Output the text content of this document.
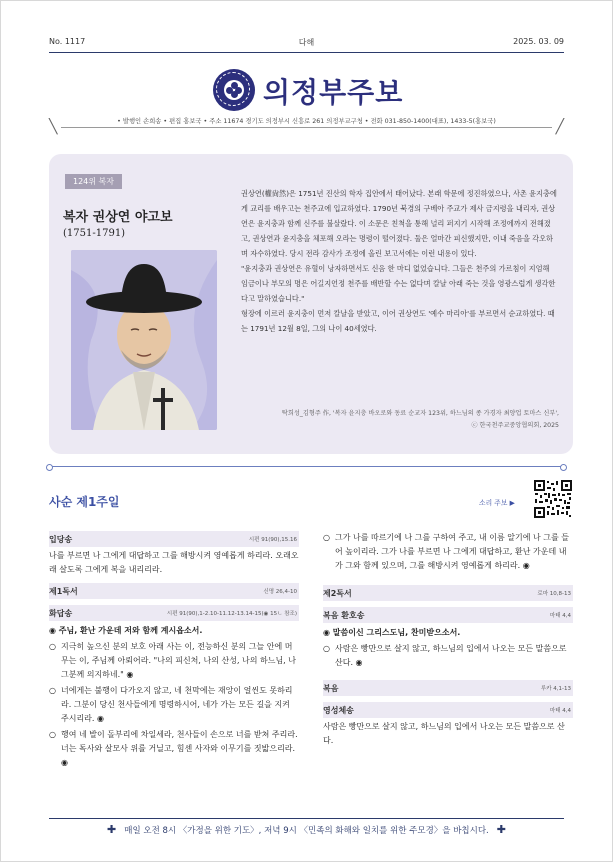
No. 1117	다해	2025. 03. 09
의정부주보
╲	╱
• 발행인 손희송 • 편집 홍보국 • 주소 11674 경기도 의정부시 신흥로 261 의정부교구청 • 전화 031-850-1400(대표), 1433-5(홍보국)
124위 복자
복자 권상연 야고보
(1751-1791)

권상연(權尙然)은 1751년 진산의 학자 집안에서 태어났다. 본래 학문에 정진하였으나, 사촌 윤지충에게 교리를 배우고는 천주교에 입교하였다. 1790년 북경의 구베아 주교가 제사 금지령을 내리자, 권상연은 윤지충과 함께 신주를 불살랐다. 이 소문은 친척을 통해 널리 퍼지기 시작해 조정에까지 전해졌고, 권상연과 윤지충을 체포해 오라는 명령이 떨어졌다. 둘은 얼마간 피신했지만, 이내 죽음을 각오하며 자수하였다. 당시 전라 감사가 조정에 올린 보고서에는 이런 내용이 있다.

"윤지충과 권상연은 유혈이 낭자하면서도 신음 한 마디 없었습니다. 그들은 천주의 가르침이 지엄해 임금이나 부모의 명은 어길지언정 천주를 배반할 수는 없다며 칼날 아래 죽는 것을 영광스럽게 생각한다고 말하였습니다."

형장에 이르러 윤지충이 먼저 칼날을 받았고, 이어 권상연도 '예수 마리아'를 부르면서 순교하였다. 때는 1791년 12월 8일, 그의 나이 40세였다.

탁희성_김형주 作, '복자 윤지충 바오로와 동료 순교자 123위, 하느님의 종 가경자 최양업 토마스 신부',
ⓒ 한국천주교중앙협의회, 2025
사순 제1주일	소리 주보 ▶
입당송	시편 91(90),15.16
나를 부르면 나 그에게 대답하고 그를 해방시켜 영예롭게 하리라. 오래오래 살도록 그에게 복을 내리리라.
제1독서	신명 26,4-10
화답송	시편 91(90),1-2.10-11.12-13.14-15(◉ 15ㄴ 참조)
◉ 주님, 환난 가운데 저와 함께 계시옵소서.
○ 지극히 높으신 분의 보호 아래 사는 이, 전능하신 분의 그늘 안에 머무는 이, 주님께 아뢰어라. "나의 피신처, 나의 산성, 나의 하느님, 나 그분께 의지하네." ◉
○ 너에게는 불행이 다가오지 않고, 네 천막에는 재앙이 얼씬도 못하리라. 그분이 당신 천사들에게 명령하시어, 네가 가는 모든 길을 지켜 주시리라. ◉
○ 행여 네 발이 돌부리에 차일세라, 천사들이 손으로 너를 받쳐 주리라. 너는 독사와 살모사 위를 거닐고, 힘센 사자와 이무기를 짓밟으리라. ◉
○ 그가 나를 따르기에 나 그를 구하여 주고, 내 이름 알기에 나 그를 들어 높이리라. 그가 나를 부르면 나 그에게 대답하고, 환난 가운데 내가 그와 함께 있으며, 그를 해방시켜 영예롭게 하리라. ◉
제2독서	로마 10,8-13
복음 환호송	마태 4,4
◉ 말씀이신 그리스도님, 찬미받으소서.
○ 사람은 빵만으로 살지 않고, 하느님의 입에서 나오는 모든 말씀으로 산다. ◉
복음	루카 4,1-13
영성체송	마태 4,4
사람은 빵만으로 살지 않고, 하느님의 입에서 나오는 모든 말씀으로 산다.
✚ 매일 오전 8시 〈가정을 위한 기도〉, 저녁 9시 〈민족의 화해와 일치를 위한 주모경〉을 바칩시다. ✚
